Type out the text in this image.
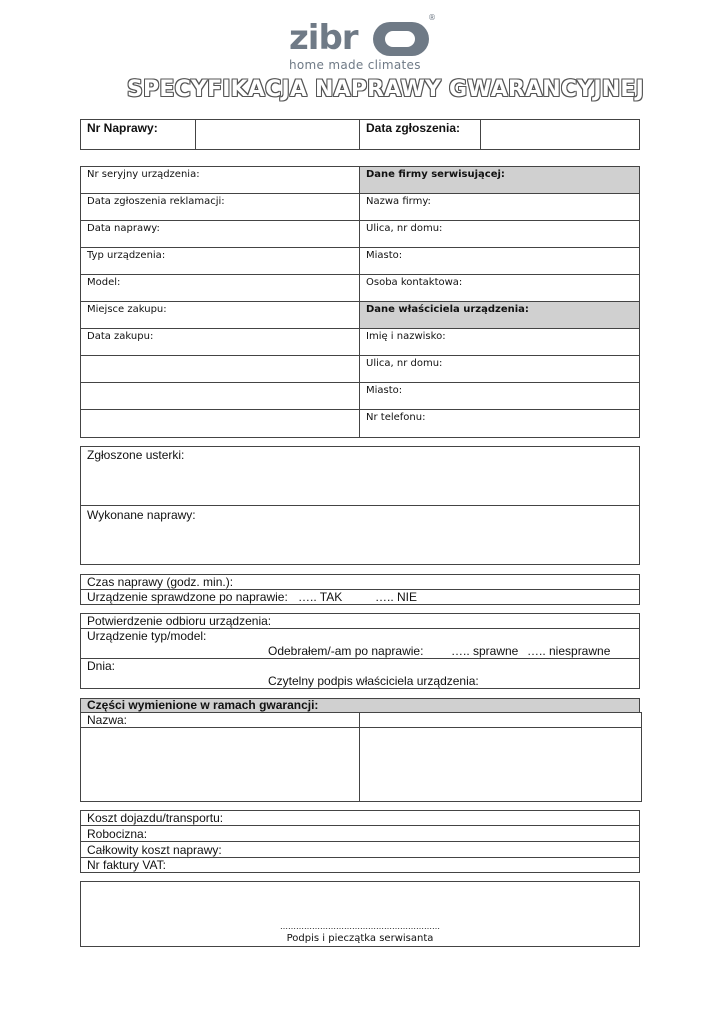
zibr
®
home made climates
SPECYFIKACJA NAPRAWY GWARANCYJNEJ
Nr Naprawy:	Data zgłoszenia:
Nr seryjny urządzenia:
Data zgłoszenia reklamacji:
Data naprawy:
Typ urządzenia:
Model:
Miejsce zakupu:
Data zakupu:
Dane firmy serwisującej:
Nazwa firmy:
Ulica, nr domu:
Miasto:
Osoba kontaktowa:
Dane właściciela urządzenia:
Imię i nazwisko:
Ulica, nr domu:
Miasto:
Nr telefonu:
Zgłoszone usterki:
Wykonane naprawy:
Czas naprawy (godz. min.):
Urządzenie sprawdzone po naprawie: ….. TAK	….. NIE
Potwierdzenie odbioru urządzenia:
Urządzenie typ/model:
Odebrałem/-am po naprawie: ….. sprawne ….. niesprawne
Dnia:
Czytelny podpis właściciela urządzenia:
Części wymienione w ramach gwarancji:
Nazwa:
Koszt dojazdu/transportu:
Robocizna:
Całkowity koszt naprawy:
Nr faktury VAT:
……………………………………………………
Podpis i pieczątka serwisanta
